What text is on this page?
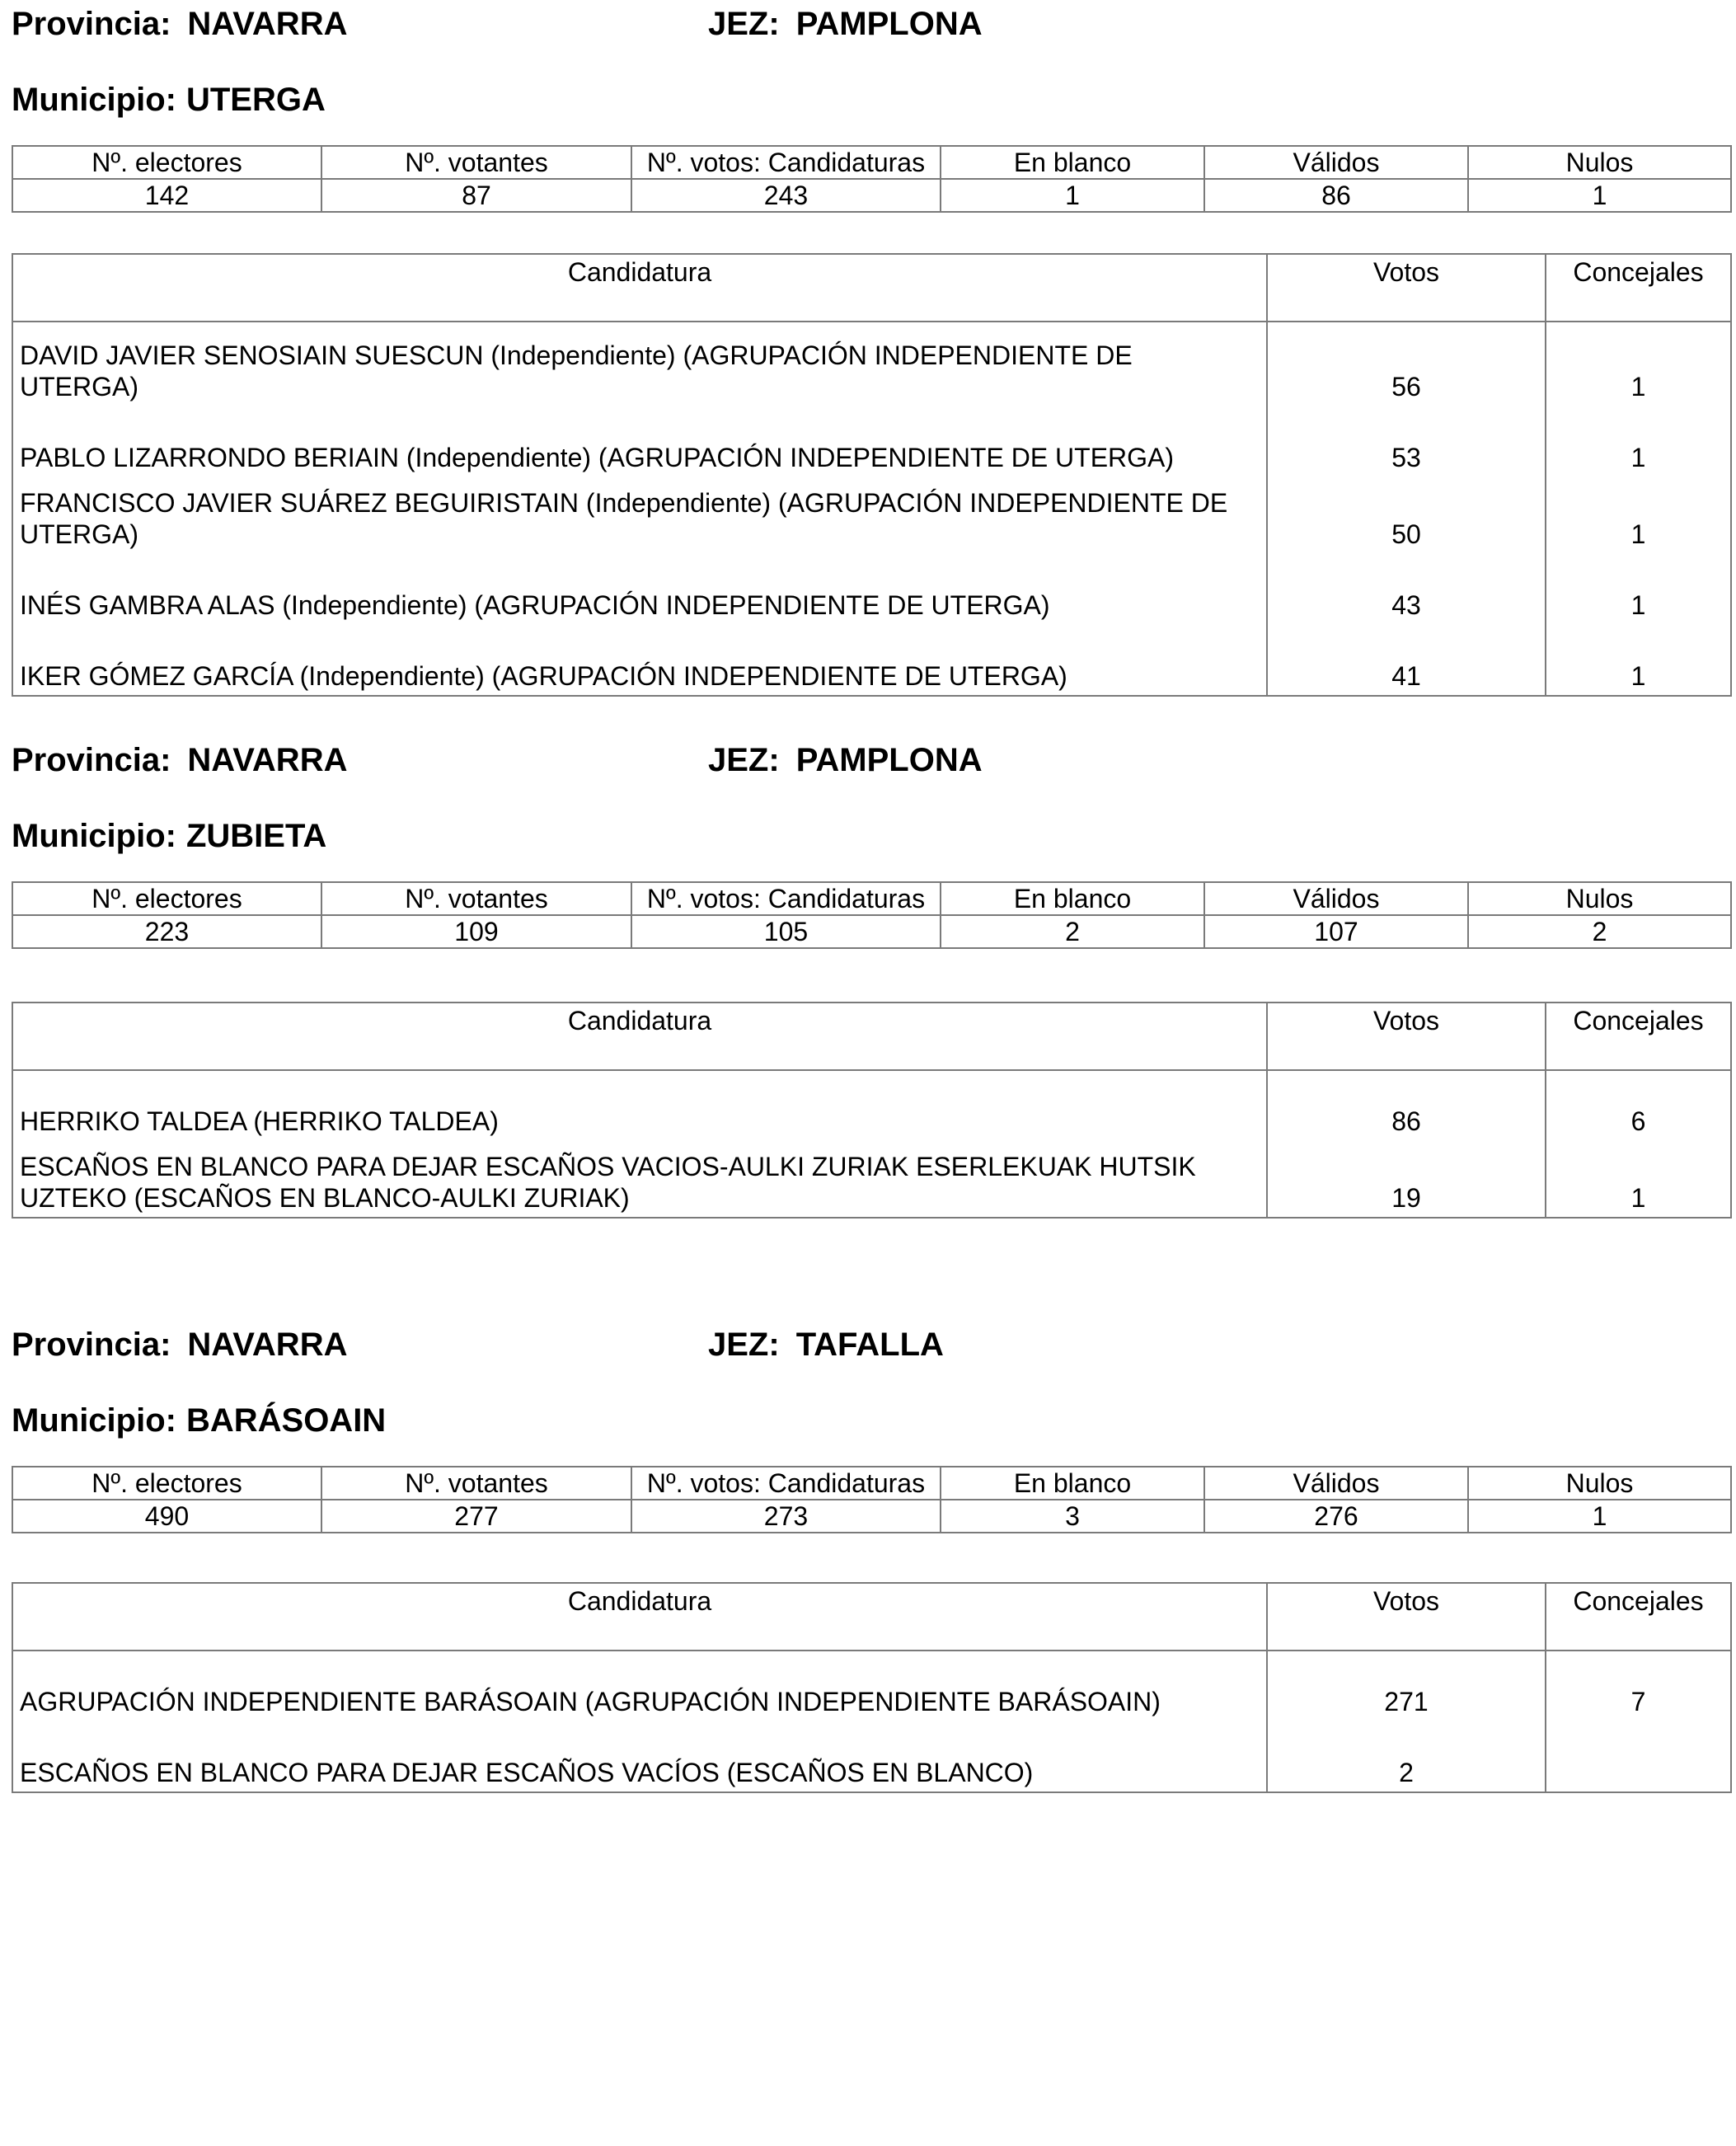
Provincia: NAVARRA	JEZ: PAMPLONA
Municipio: UTERGA
Nº. electores	Nº. votantes	Nº. votos: Candidaturas	En blanco	Válidos	Nulos
142	87	243	1	86	1
Candidatura	Votos	Concejales
DAVID JAVIER SENOSIAIN SUESCUN (Independiente) (AGRUPACIÓN INDEPENDIENTE DE UTERGA)	56	1
PABLO LIZARRONDO BERIAIN (Independiente) (AGRUPACIÓN INDEPENDIENTE DE UTERGA)	53	1
FRANCISCO JAVIER SUÁREZ BEGUIRISTAIN (Independiente) (AGRUPACIÓN INDEPENDIENTE DE UTERGA)	50	1
INÉS GAMBRA ALAS (Independiente) (AGRUPACIÓN INDEPENDIENTE DE UTERGA)	43	1
IKER GÓMEZ GARCÍA (Independiente) (AGRUPACIÓN INDEPENDIENTE DE UTERGA)	41	1
Provincia: NAVARRA	JEZ: PAMPLONA
Municipio: ZUBIETA
Nº. electores	Nº. votantes	Nº. votos: Candidaturas	En blanco	Válidos	Nulos
223	109	105	2	107	2
Candidatura	Votos	Concejales
HERRIKO TALDEA (HERRIKO TALDEA)	86	6
ESCAÑOS EN BLANCO PARA DEJAR ESCAÑOS VACIOS-AULKI ZURIAK ESERLEKUAK HUTSIK UZTEKO (ESCAÑOS EN BLANCO-AULKI ZURIAK)	19	1
Provincia: NAVARRA	JEZ: TAFALLA
Municipio: BARÁSOAIN
Nº. electores	Nº. votantes	Nº. votos: Candidaturas	En blanco	Válidos	Nulos
490	277	273	3	276	1
Candidatura	Votos	Concejales
AGRUPACIÓN INDEPENDIENTE BARÁSOAIN (AGRUPACIÓN INDEPENDIENTE BARÁSOAIN)	271	7
ESCAÑOS EN BLANCO PARA DEJAR ESCAÑOS VACÍOS (ESCAÑOS EN BLANCO)	2	
